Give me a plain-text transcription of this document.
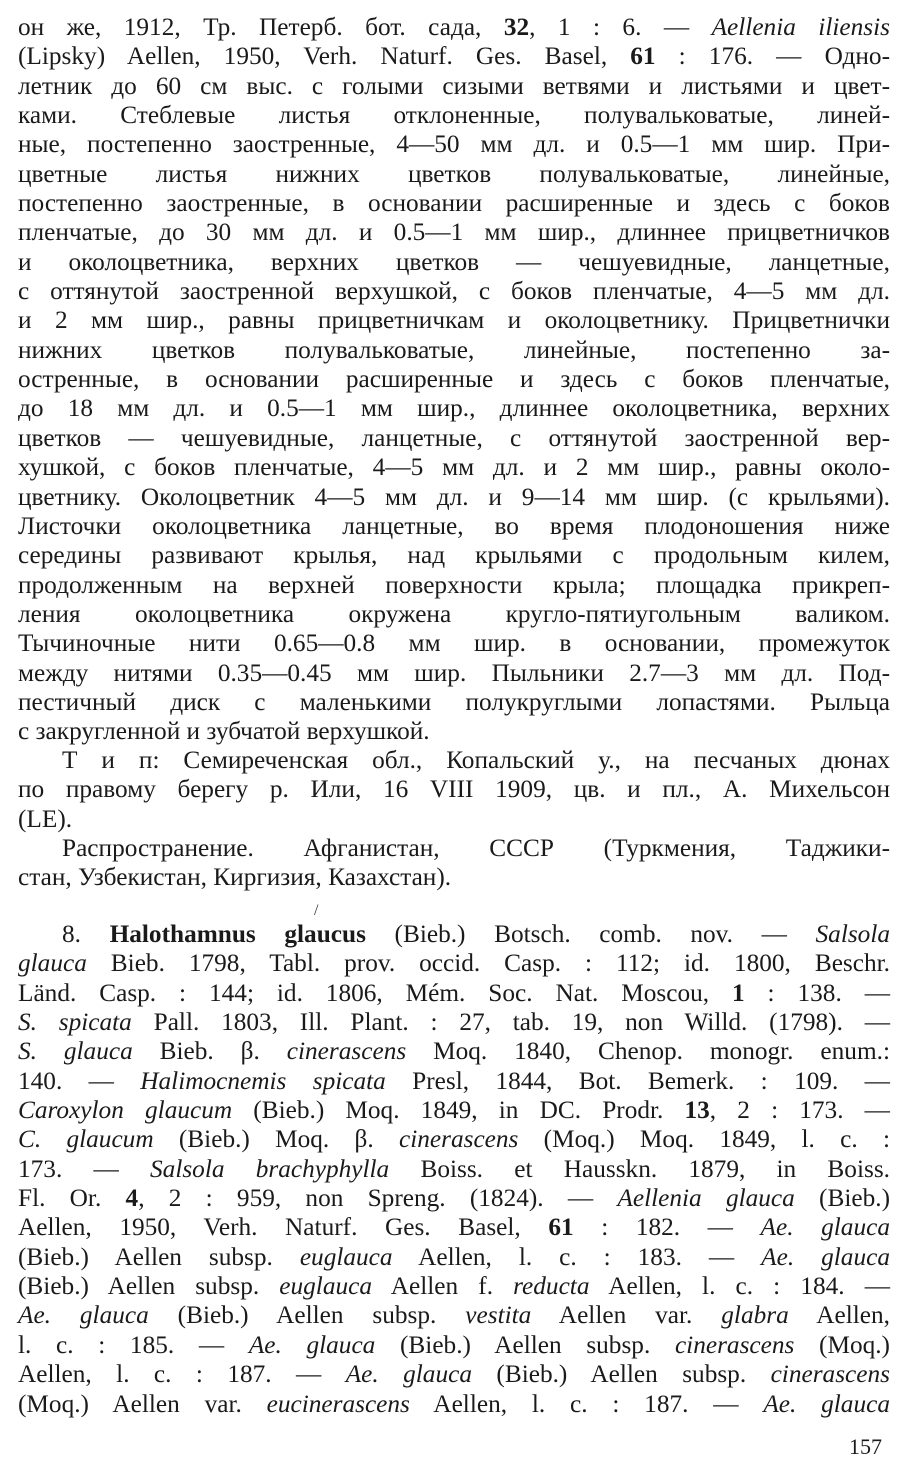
он же, 1912, Тр. Петерб. бот. сада, 32, 1 : 6. — Aellenia iliensis
(Lipsky) Aellen, 1950, Verh. Naturf. Ges. Basel, 61 : 176. — Одно-
летник до 60 см выс. с голыми сизыми ветвями и листьями и цвет-
ками. Стеблевые листья отклоненные, полувальковатые, линей-
ные, постепенно заостренные, 4—50 мм дл. и 0.5—1 мм шир. При-
цветные листья нижних цветков полувальковатые, линейные,
постепенно заостренные, в основании расширенные и здесь с боков
пленчатые, до 30 мм дл. и 0.5—1 мм шир., длиннее прицветничков
и околоцветника, верхних цветков — чешуевидные, ланцетные,
с оттянутой заостренной верхушкой, с боков пленчатые, 4—5 мм дл.
и 2 мм шир., равны прицветничкам и околоцветнику. Прицветнички
нижних цветков полувальковатые, линейные, постепенно за-
остренные, в основании расширенные и здесь с боков пленчатые,
до 18 мм дл. и 0.5—1 мм шир., длиннее околоцветника, верхних
цветков — чешуевидные, ланцетные, с оттянутой заостренной вер-
хушкой, с боков пленчатые, 4—5 мм дл. и 2 мм шир., равны около-
цветнику. Околоцветник 4—5 мм дл. и 9—14 мм шир. (с крыльями).
Листочки околоцветника ланцетные, во время плодоношения ниже
середины развивают крылья, над крыльями с продольным килем,
продолженным на верхней поверхности крыла; площадка прикреп-
ления околоцветника окружена кругло-пятиугольным валиком.
Тычиночные нити 0.65—0.8 мм шир. в основании, промежуток
между нитями 0.35—0.45 мм шир. Пыльники 2.7—3 мм дл. Под-
пестичный диск с маленькими полукруглыми лопастями. Рыльца
с закругленной и зубчатой верхушкой.
Т и п: Семиреченская обл., Копальский у., на песчаных дюнах
по правому берегу р. Или, 16 VIII 1909, цв. и пл., А. Михельсон
(LE).
Распространение. Афганистан, СССР (Туркмения, Таджики-
стан, Узбекистан, Киргизия, Казахстан).
/
8. Halothamnus glaucus (Bieb.) Botsch. comb. nov. — Salsola
glauca Bieb. 1798, Tabl. prov. occid. Casp. : 112; id. 1800, Beschr.
Länd. Casp. : 144; id. 1806, Mém. Soc. Nat. Moscou, 1 : 138. —
S. spicata Pall. 1803, Ill. Plant. : 27, tab. 19, non Willd. (1798). —
S. glauca Bieb. β. cinerascens Moq. 1840, Chenop. monogr. enum.:
140. — Halimocnemis spicata Presl, 1844, Bot. Bemerk. : 109. —
Caroxylon glaucum (Bieb.) Moq. 1849, in DC. Prodr. 13, 2 : 173. —
C. glaucum (Bieb.) Moq. β. cinerascens (Moq.) Moq. 1849, l. c. :
173. — Salsola brachyphylla Boiss. et Hausskn. 1879, in Boiss.
Fl. Or. 4, 2 : 959, non Spreng. (1824). — Aellenia glauca (Bieb.)
Aellen, 1950, Verh. Naturf. Ges. Basel, 61 : 182. — Ae. glauca
(Bieb.) Aellen subsp. euglauca Aellen, l. c. : 183. — Ae. glauca
(Bieb.) Aellen subsp. euglauca Aellen f. reducta Aellen, l. c. : 184. —
Ae. glauca (Bieb.) Aellen subsp. vestita Aellen var. glabra Aellen,
l. c. : 185. — Ae. glauca (Bieb.) Aellen subsp. cinerascens (Moq.)
Aellen, l. c. : 187. — Ae. glauca (Bieb.) Aellen subsp. cinerascens
(Moq.) Aellen var. eucinerascens Aellen, l. c. : 187. — Ae. glauca
157
